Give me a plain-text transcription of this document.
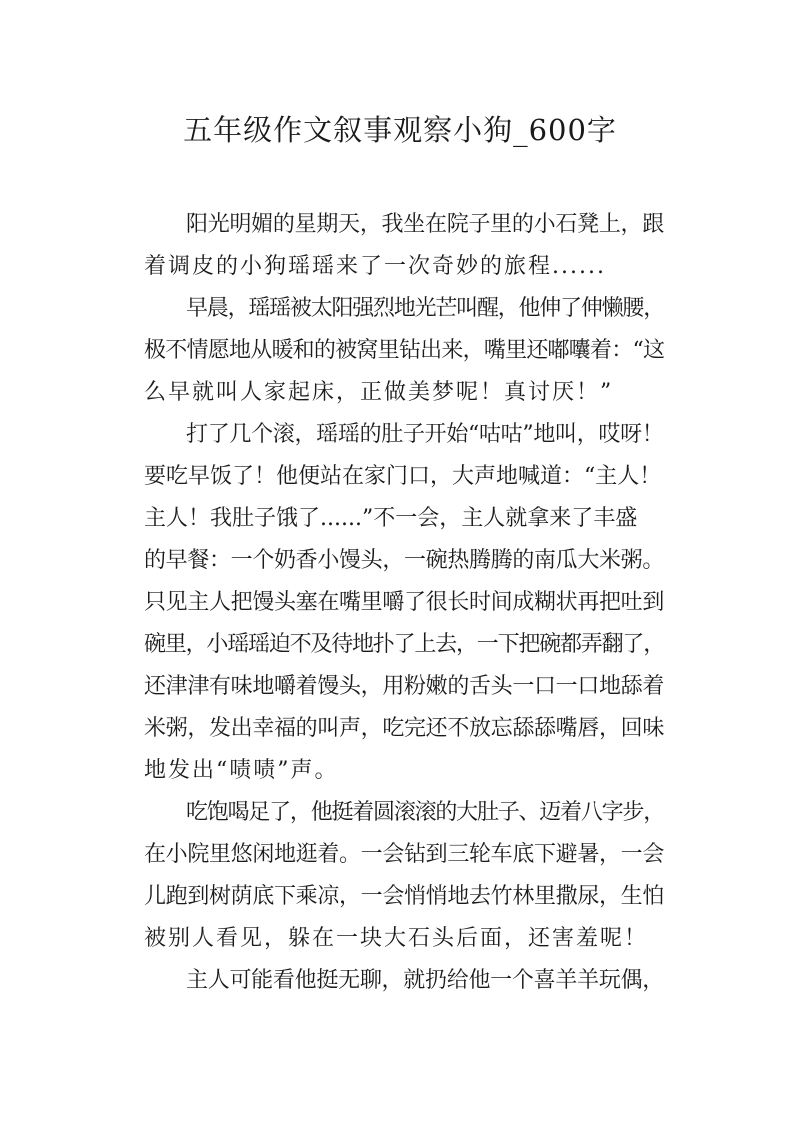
五年级作文叙事观察小狗_600字
阳光明媚的星期天，我坐在院子里的小石凳上，跟
着调皮的小狗瑶瑶来了一次奇妙的旅程......
早晨，瑶瑶被太阳强烈地光芒叫醒，他伸了伸懒腰，
极不情愿地从暖和的被窝里钻出来，嘴里还嘟囔着：“这
么早就叫人家起床，正做美梦呢！真讨厌！”
打了几个滚，瑶瑶的肚子开始“咕咕”地叫，哎呀！
要吃早饭了！他便站在家门口，大声地喊道：“主人！
主人！我肚子饿了......”不一会，主人就拿来了丰盛
的早餐：一个奶香小馒头，一碗热腾腾的南瓜大米粥。
只见主人把馒头塞在嘴里嚼了很长时间成糊状再把吐到
碗里，小瑶瑶迫不及待地扑了上去，一下把碗都弄翻了，
还津津有味地嚼着馒头，用粉嫩的舌头一口一口地舔着
米粥，发出幸福的叫声，吃完还不放忘舔舔嘴唇，回味
地发出“啧啧”声。
吃饱喝足了，他挺着圆滚滚的大肚子、迈着八字步，
在小院里悠闲地逛着。一会钻到三轮车底下避暑，一会
儿跑到树荫底下乘凉，一会悄悄地去竹林里撒尿，生怕
被别人看见，躲在一块大石头后面，还害羞呢！
主人可能看他挺无聊，就扔给他一个喜羊羊玩偶，
